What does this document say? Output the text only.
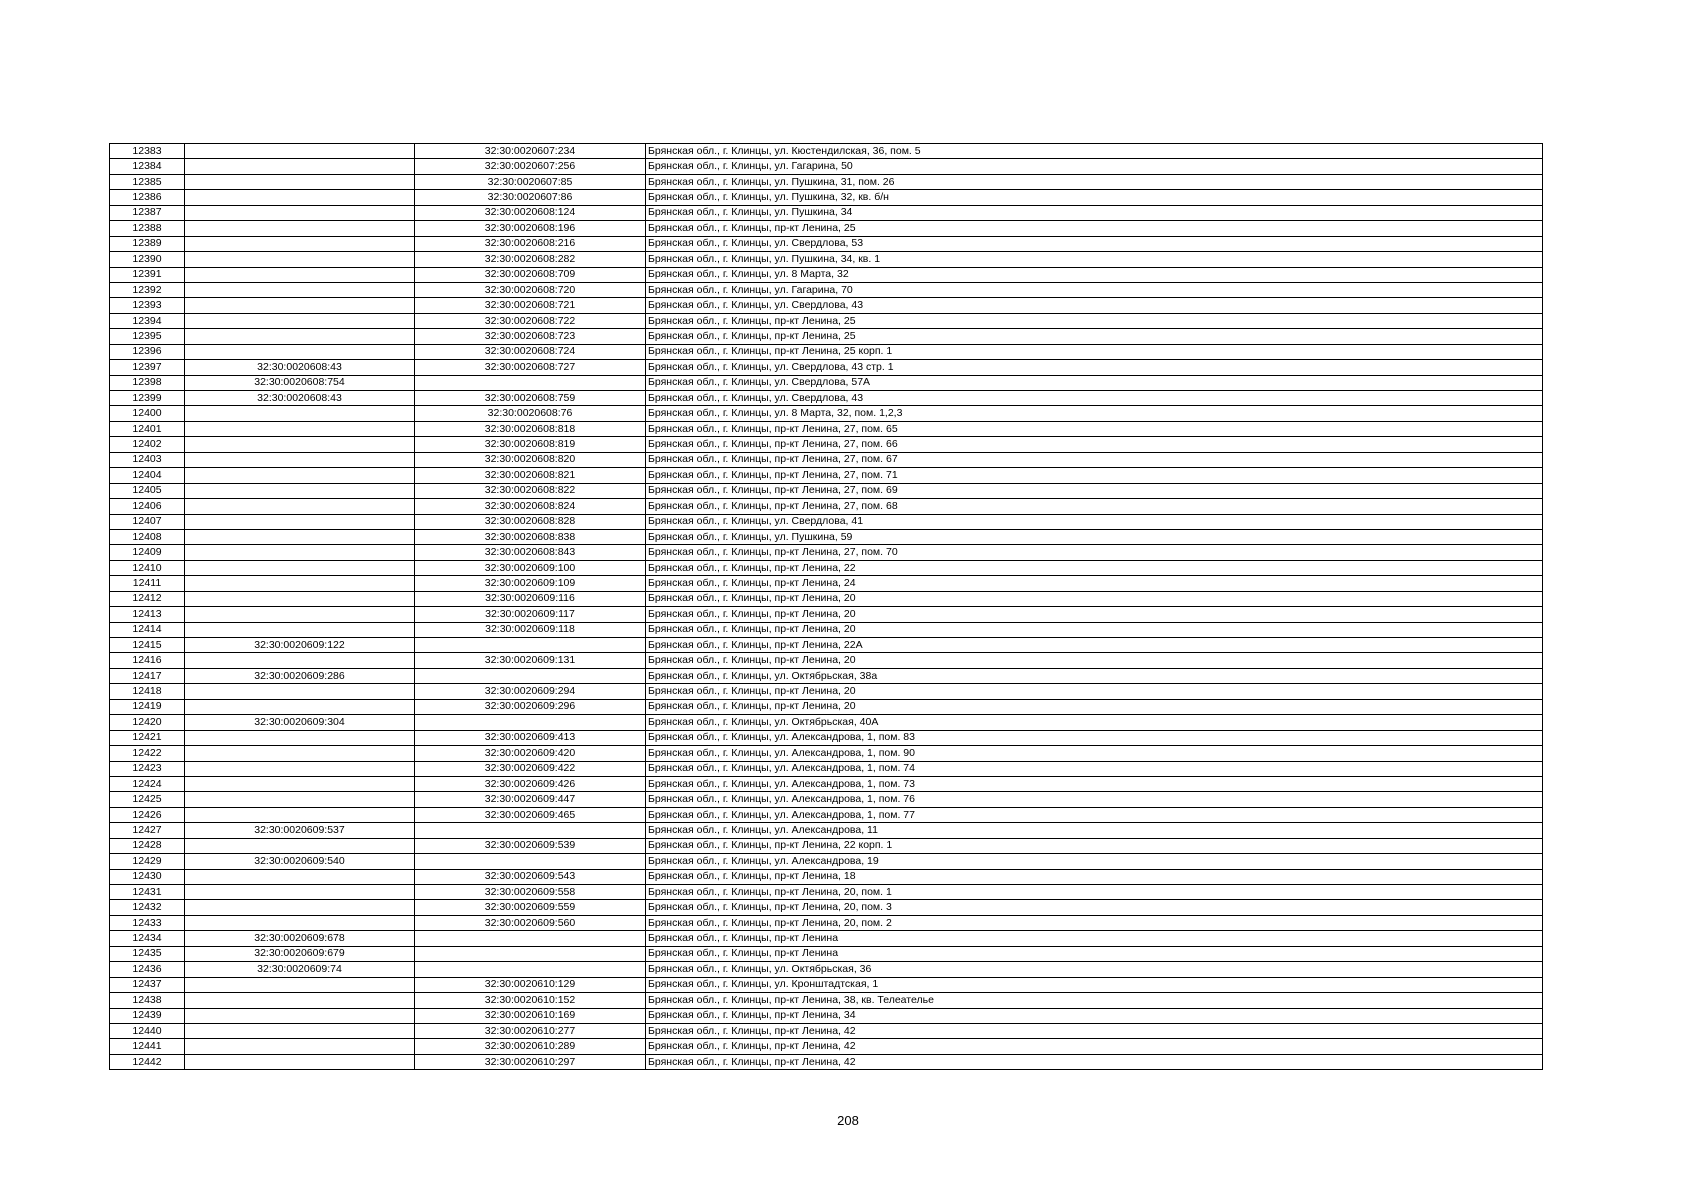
12383		32:30:0020607:234	Брянская обл., г. Клинцы, ул. Кюстендилская, 36, пом. 5
12384		32:30:0020607:256	Брянская обл., г. Клинцы, ул. Гагарина, 50
12385		32:30:0020607:85	Брянская обл., г. Клинцы, ул. Пушкина, 31, пом. 26
12386		32:30:0020607:86	Брянская обл., г. Клинцы, ул. Пушкина, 32, кв. б/н
12387		32:30:0020608:124	Брянская обл., г. Клинцы, ул. Пушкина, 34
12388		32:30:0020608:196	Брянская обл., г. Клинцы, пр-кт Ленина, 25
12389		32:30:0020608:216	Брянская обл., г. Клинцы, ул. Свердлова, 53
12390		32:30:0020608:282	Брянская обл., г. Клинцы, ул. Пушкина, 34, кв. 1
12391		32:30:0020608:709	Брянская обл., г. Клинцы, ул. 8 Марта, 32
12392		32:30:0020608:720	Брянская обл., г. Клинцы, ул. Гагарина, 70
12393		32:30:0020608:721	Брянская обл., г. Клинцы, ул. Свердлова, 43
12394		32:30:0020608:722	Брянская обл., г. Клинцы, пр-кт Ленина, 25
12395		32:30:0020608:723	Брянская обл., г. Клинцы, пр-кт Ленина, 25
12396		32:30:0020608:724	Брянская обл., г. Клинцы, пр-кт Ленина, 25 корп. 1
12397	32:30:0020608:43	32:30:0020608:727	Брянская обл., г. Клинцы, ул. Свердлова, 43 стр. 1
12398	32:30:0020608:754		Брянская обл., г. Клинцы, ул. Свердлова, 57А
12399	32:30:0020608:43	32:30:0020608:759	Брянская обл., г. Клинцы, ул. Свердлова, 43
12400		32:30:0020608:76	Брянская обл., г. Клинцы, ул. 8 Марта, 32, пом. 1,2,3
12401		32:30:0020608:818	Брянская обл., г. Клинцы, пр-кт Ленина, 27, пом. 65
12402		32:30:0020608:819	Брянская обл., г. Клинцы, пр-кт Ленина, 27, пом. 66
12403		32:30:0020608:820	Брянская обл., г. Клинцы, пр-кт Ленина, 27, пом. 67
12404		32:30:0020608:821	Брянская обл., г. Клинцы, пр-кт Ленина, 27, пом. 71
12405		32:30:0020608:822	Брянская обл., г. Клинцы, пр-кт Ленина, 27, пом. 69
12406		32:30:0020608:824	Брянская обл., г. Клинцы, пр-кт Ленина, 27, пом. 68
12407		32:30:0020608:828	Брянская обл., г. Клинцы, ул. Свердлова, 41
12408		32:30:0020608:838	Брянская обл., г. Клинцы, ул. Пушкина, 59
12409		32:30:0020608:843	Брянская обл., г. Клинцы, пр-кт Ленина, 27, пом. 70
12410		32:30:0020609:100	Брянская обл., г. Клинцы, пр-кт Ленина, 22
12411		32:30:0020609:109	Брянская обл., г. Клинцы, пр-кт Ленина, 24
12412		32:30:0020609:116	Брянская обл., г. Клинцы, пр-кт Ленина, 20
12413		32:30:0020609:117	Брянская обл., г. Клинцы, пр-кт Ленина, 20
12414		32:30:0020609:118	Брянская обл., г. Клинцы, пр-кт Ленина, 20
12415	32:30:0020609:122		Брянская обл., г. Клинцы, пр-кт Ленина, 22А
12416		32:30:0020609:131	Брянская обл., г. Клинцы, пр-кт Ленина, 20
12417	32:30:0020609:286		Брянская обл., г. Клинцы, ул. Октябрьская, 38а
12418		32:30:0020609:294	Брянская обл., г. Клинцы, пр-кт Ленина, 20
12419		32:30:0020609:296	Брянская обл., г. Клинцы, пр-кт Ленина, 20
12420	32:30:0020609:304		Брянская обл., г. Клинцы, ул. Октябрьская, 40А
12421		32:30:0020609:413	Брянская обл., г. Клинцы, ул. Александрова, 1, пом. 83
12422		32:30:0020609:420	Брянская обл., г. Клинцы, ул. Александрова, 1, пом. 90
12423		32:30:0020609:422	Брянская обл., г. Клинцы, ул. Александрова, 1, пом. 74
12424		32:30:0020609:426	Брянская обл., г. Клинцы, ул. Александрова, 1, пом. 73
12425		32:30:0020609:447	Брянская обл., г. Клинцы, ул. Александрова, 1, пом. 76
12426		32:30:0020609:465	Брянская обл., г. Клинцы, ул. Александрова, 1, пом. 77
12427	32:30:0020609:537		Брянская обл., г. Клинцы, ул. Александрова, 11
12428		32:30:0020609:539	Брянская обл., г. Клинцы, пр-кт Ленина, 22 корп. 1
12429	32:30:0020609:540		Брянская обл., г. Клинцы, ул. Александрова, 19
12430		32:30:0020609:543	Брянская обл., г. Клинцы, пр-кт Ленина, 18
12431		32:30:0020609:558	Брянская обл., г. Клинцы, пр-кт Ленина, 20, пом. 1
12432		32:30:0020609:559	Брянская обл., г. Клинцы, пр-кт Ленина, 20, пом. 3
12433		32:30:0020609:560	Брянская обл., г. Клинцы, пр-кт Ленина, 20, пом. 2
12434	32:30:0020609:678		Брянская обл., г. Клинцы, пр-кт Ленина
12435	32:30:0020609:679		Брянская обл., г. Клинцы, пр-кт Ленина
12436	32:30:0020609:74		Брянская обл., г. Клинцы, ул. Октябрьская, 36
12437		32:30:0020610:129	Брянская обл., г. Клинцы, ул. Кронштадтская, 1
12438		32:30:0020610:152	Брянская обл., г. Клинцы, пр-кт Ленина, 38, кв. Телеателье
12439		32:30:0020610:169	Брянская обл., г. Клинцы, пр-кт Ленина, 34
12440		32:30:0020610:277	Брянская обл., г. Клинцы, пр-кт Ленина, 42
12441		32:30:0020610:289	Брянская обл., г. Клинцы, пр-кт Ленина, 42
12442		32:30:0020610:297	Брянская обл., г. Клинцы, пр-кт Ленина, 42
208
